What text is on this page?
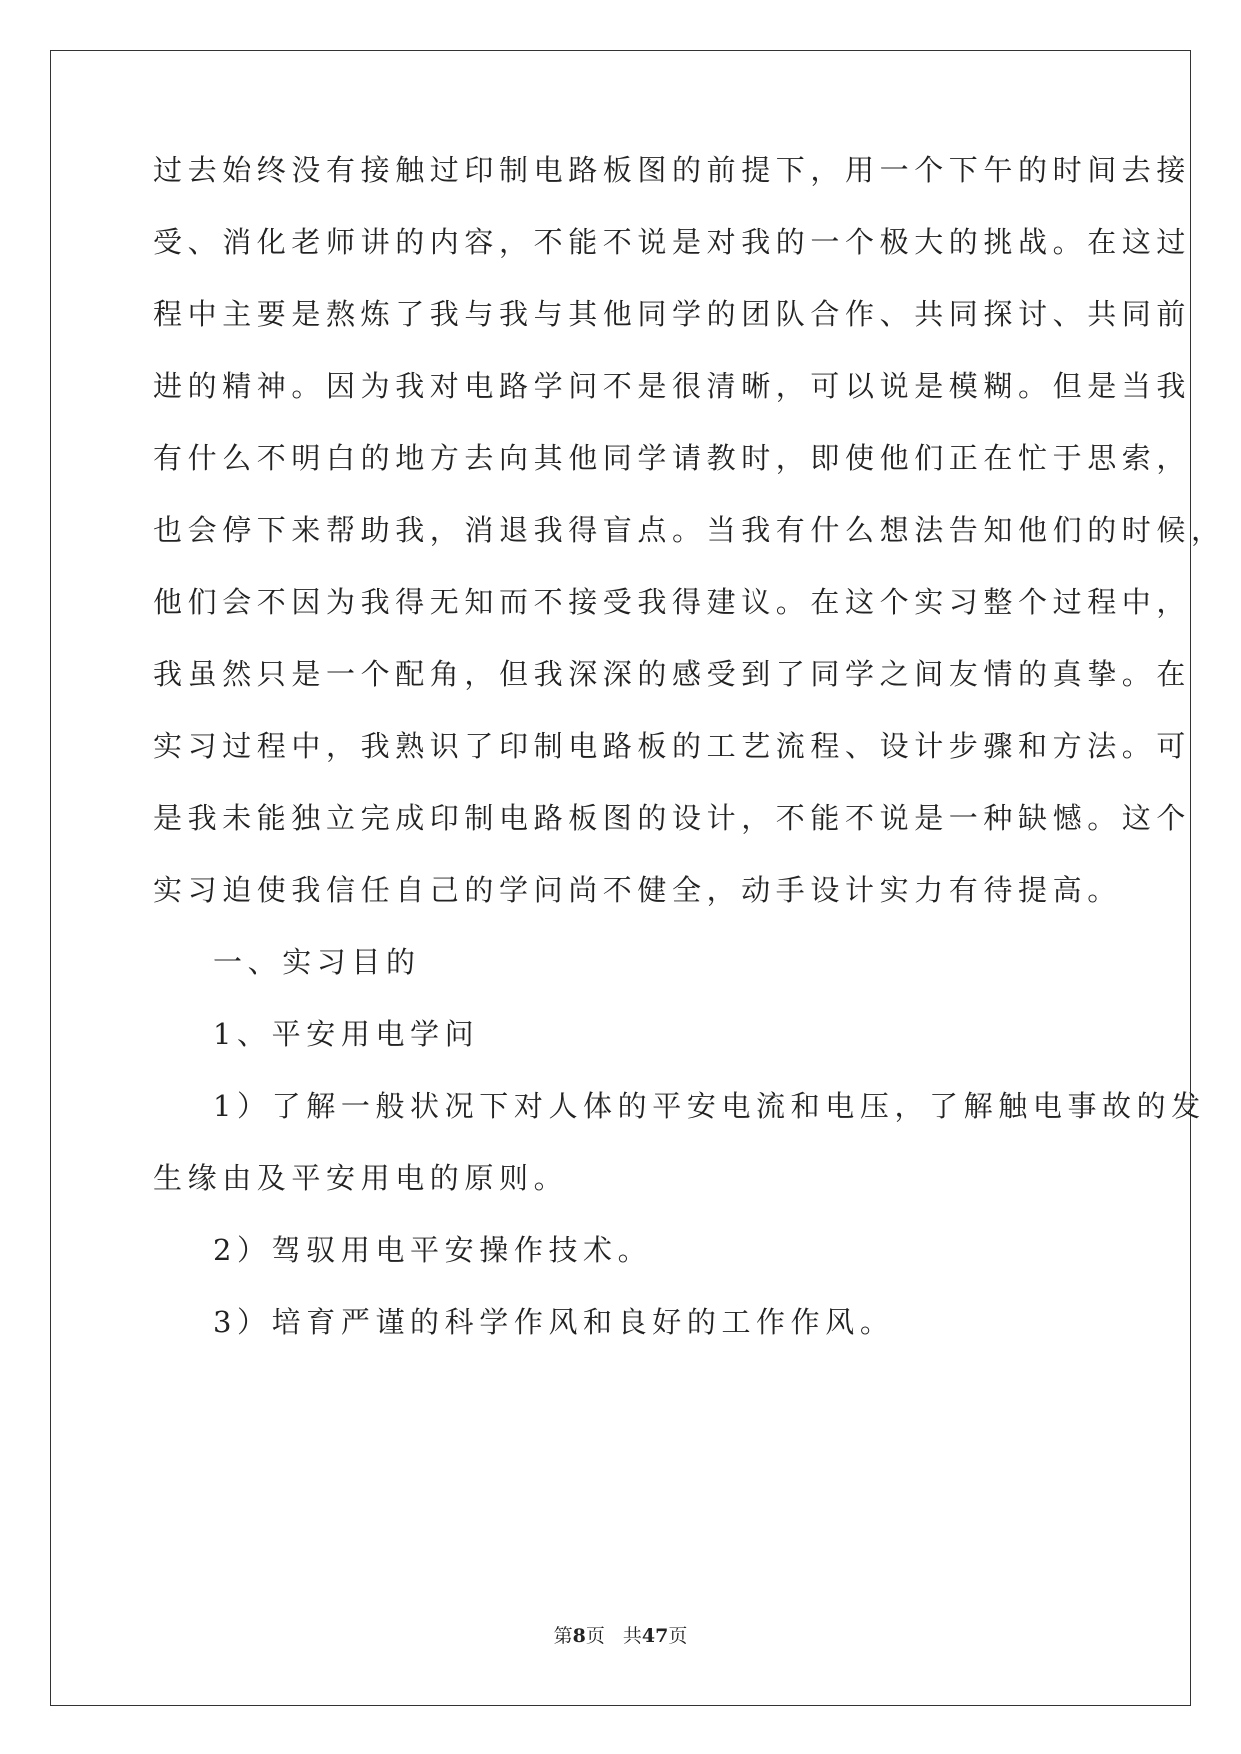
过去始终没有接触过印制电路板图的前提下，用一个下午的时间去接
受、消化老师讲的内容，不能不说是对我的一个极大的挑战。在这过
程中主要是熬炼了我与我与其他同学的团队合作、共同探讨、共同前
进的精神。因为我对电路学问不是很清晰，可以说是模糊。但是当我
有什么不明白的地方去向其他同学请教时，即使他们正在忙于思索，
也会停下来帮助我，消退我得盲点。当我有什么想法告知他们的时候，
他们会不因为我得无知而不接受我得建议。在这个实习整个过程中，
我虽然只是一个配角，但我深深的感受到了同学之间友情的真挚。在
实习过程中，我熟识了印制电路板的工艺流程、设计步骤和方法。可
是我未能独立完成印制电路板图的设计，不能不说是一种缺憾。这个
实习迫使我信任自己的学问尚不健全，动手设计实力有待提高。
一、实习目的
1、平安用电学问
1）了解一般状况下对人体的平安电流和电压，了解触电事故的发
生缘由及平安用电的原则。
2）驾驭用电平安操作技术。
3）培育严谨的科学作风和良好的工作作风。
第8页 共47页
